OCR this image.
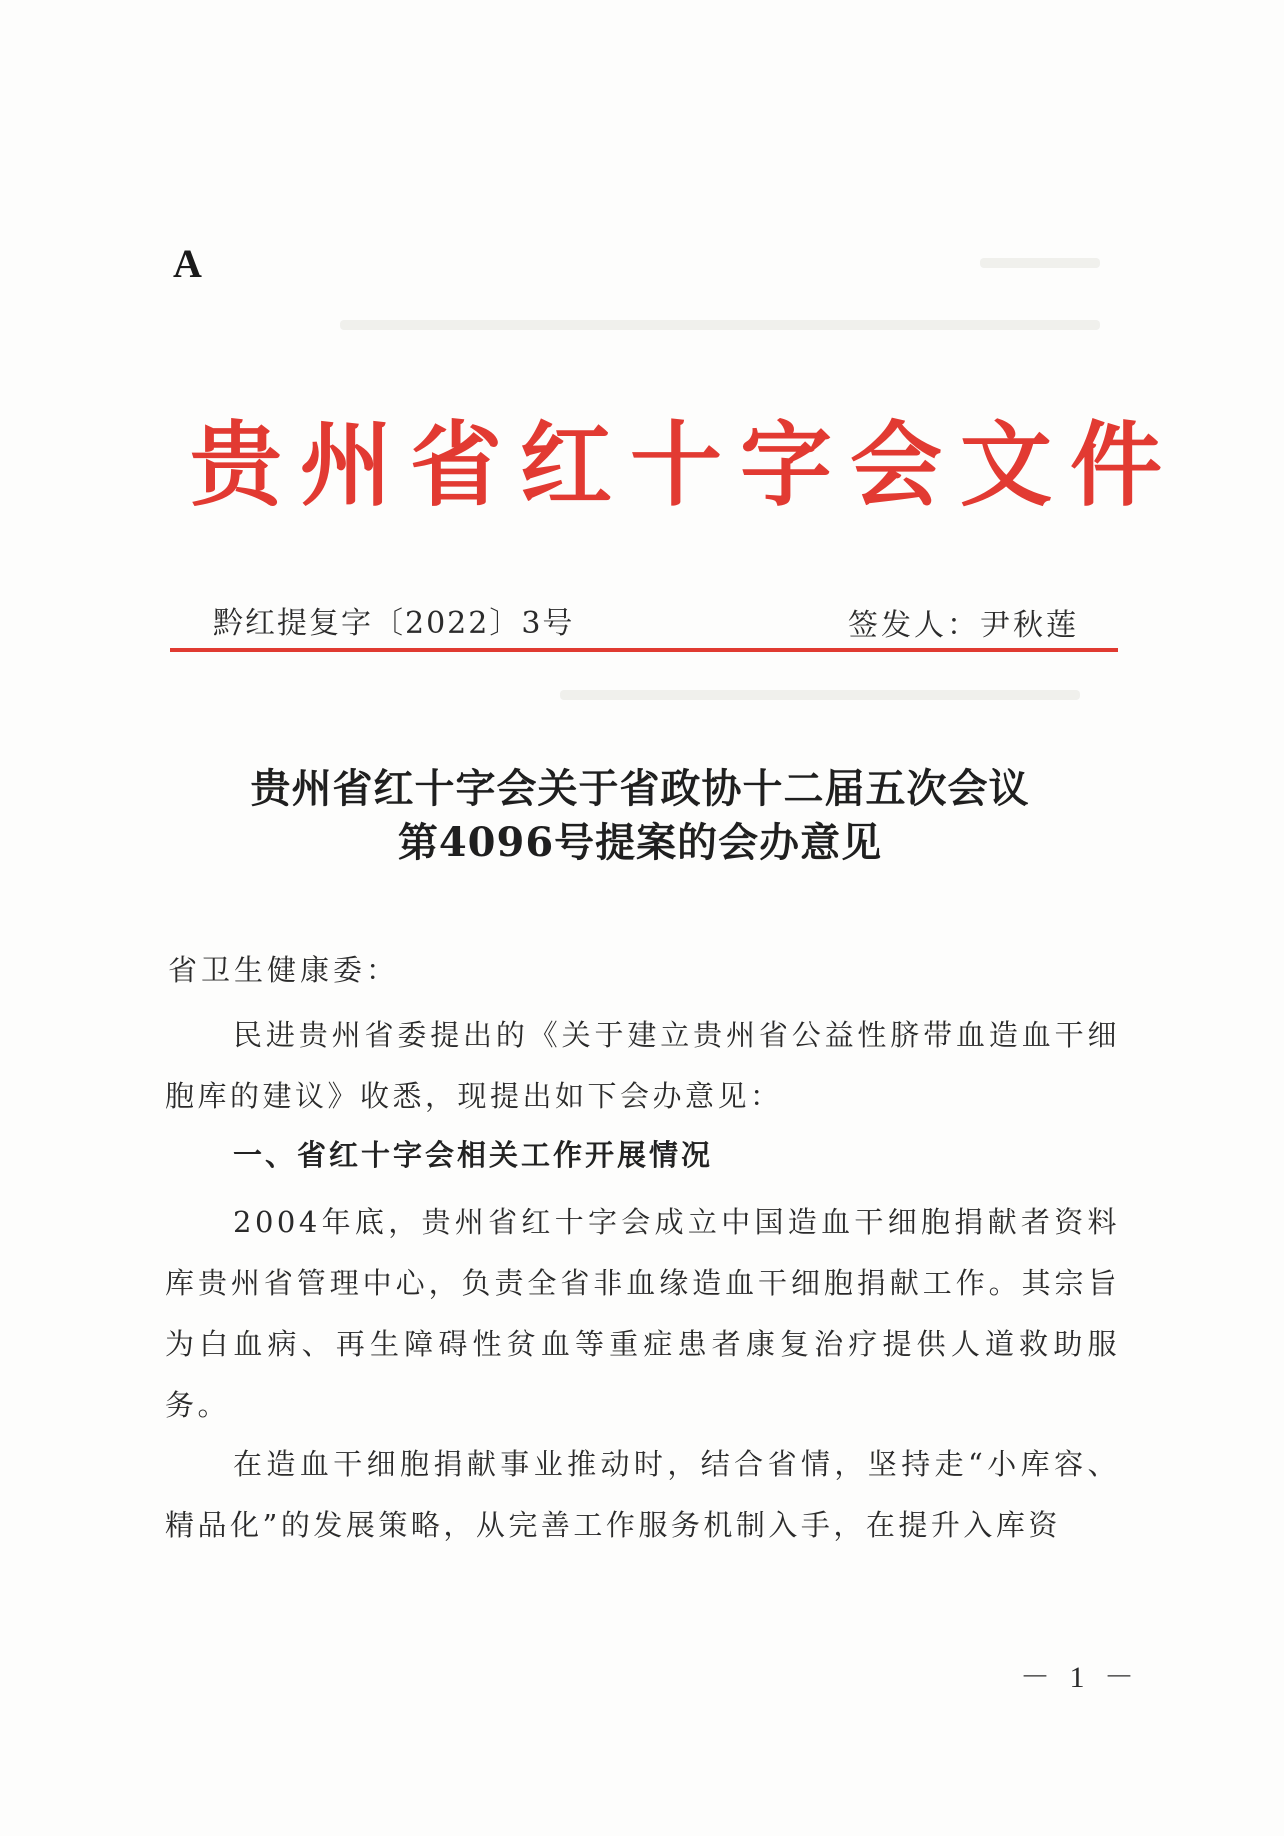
A
贵州省红十字会文件
黔红提复字〔2022〕3号	签发人：尹秋莲
贵州省红十字会关于省政协十二届五次会议
第4096号提案的会办意见
省卫生健康委：

民进贵州省委提出的《关于建立贵州省公益性脐带血造血干细胞库的建议》收悉，现提出如下会办意见：

一、省红十字会相关工作开展情况

2004年底，贵州省红十字会成立中国造血干细胞捐献者资料库贵州省管理中心，负责全省非血缘造血干细胞捐献工作。其宗旨为白血病、再生障碍性贫血等重症患者康复治疗提供人道救助服务。

在造血干细胞捐献事业推动时，结合省情，坚持走“小库容、精品化”的发展策略，从完善工作服务机制入手，在提升入库资

－ 1 －
